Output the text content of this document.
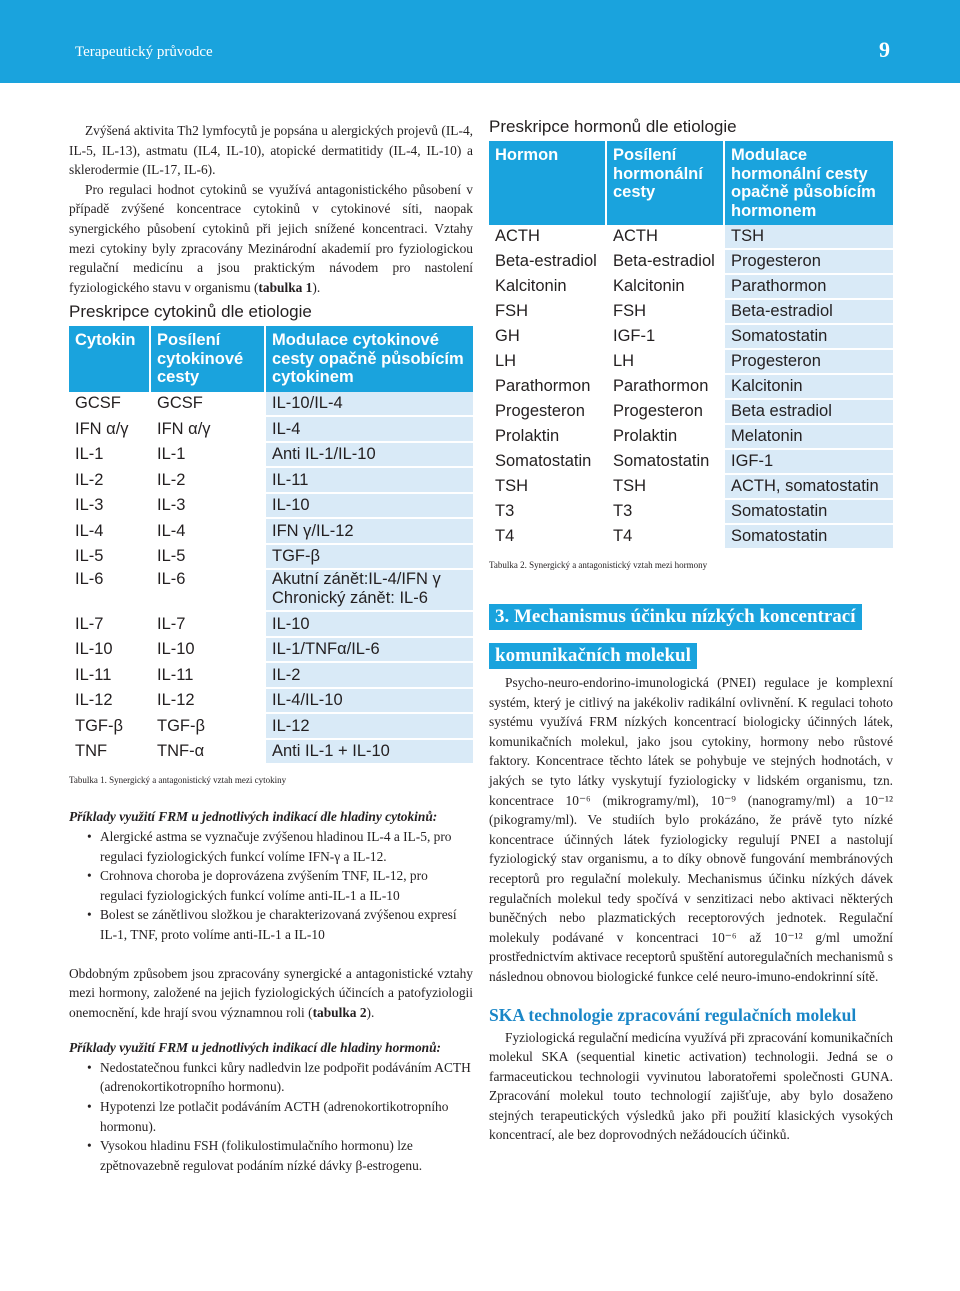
Terapeutický průvodce	9

Zvýšená aktivita Th2 lymfocytů je popsána u alergických projevů (IL-4, IL-5, IL-13), astmatu (IL4, IL-10), atopické dermatitidy (IL-4, IL-10) a sklerodermie (IL-17, IL-6).

Pro regulaci hodnot cytokinů se využívá antagonistického působení v případě zvýšené koncentrace cytokinů v cytokinové síti, naopak synergického působení cytokinů při jejich snížené koncentraci. Vztahy mezi cytokiny byly zpracovány Mezinárodní akademií pro fyziologickou regulační medicínu a jsou praktickým návodem pro nastolení fyziologického stavu v organismu (tabulka 1).

Preskripce cytokinů dle etiologie
Cytokin	Posílení cytokinové cesty	Modulace cytokinové cesty opačně působícím cytokinem
GCSF	GCSF	IL-10/IL-4
IFN α/γ	IFN α/γ	IL-4
IL-1	IL-1	Anti IL-1/IL-10
IL-2	IL-2	IL-11
IL-3	IL-3	IL-10
IL-4	IL-4	IFN γ/IL-12
IL-5	IL-5	TGF-β
IL-6	IL-6	Akutní zánět:IL-4/IFN γ
		Chronický zánět: IL-6
IL-7	IL-7	IL-10
IL-10	IL-10	IL-1/TNFα/IL-6
IL-11	IL-11	IL-2
IL-12	IL-12	IL-4/IL-10
TGF-β	TGF-β	IL-12
TNF	TNF-α	Anti IL-1 + IL-10
Tabulka 1. Synergický a antagonistický vztah mezi cytokiny

Příklady využití FRM u jednotlivých indikací dle hladiny cytokinů:

• Alergické astma se vyznačuje zvýšenou hladinou IL-4 a IL-5, pro regulaci fyziologických funkcí volíme IFN-γ a IL-12.
• Crohnova choroba je doprovázena zvýšením TNF, IL-12, pro regulaci fyziologických funkcí volíme anti-IL-1 a IL-10
• Bolest se zánětlivou složkou je charakterizovaná zvýšenou expresí IL-1, TNF, proto volíme anti-IL-1 a IL-10

Obdobným způsobem jsou zpracovány synergické a antagonistické vztahy mezi hormony, založené na jejich fyziologických účincích a patofyziologii onemocnění, kde hrají svou významnou roli (tabulka 2).

Příklady využití FRM u jednotlivých indikací dle hladiny hormonů:

• Nedostatečnou funkci kůry nadledvin lze podpořit podáváním ACTH (adrenokortikotropního hormonu).
• Hypotenzi lze potlačit podáváním ACTH (adrenokortikotropního hormonu).
• Vysokou hladinu FSH (folikulostimulačního hormonu) lze zpětnovazebně regulovat podáním nízké dávky β-estrogenu.
Preskripce hormonů dle etiologie
Hormon	Posílení hormonální cesty	Modulace hormonální cesty opačně působícím hormonem
ACTH	ACTH	TSH
Beta-estradiol	Beta-estradiol	Progesteron
Kalcitonin	Kalcitonin	Parathormon
FSH	FSH	Beta-estradiol
GH	IGF-1	Somatostatin
LH	LH	Progesteron
Parathormon	Parathormon	Kalcitonin
Progesteron	Progesteron	Beta estradiol
Prolaktin	Prolaktin	Melatonin
Somatostatin	Somatostatin	IGF-1
TSH	TSH	ACTH, somatostatin
T3	T3	Somatostatin
T4	T4	Somatostatin
Tabulka 2. Synergický a antagonistický vztah mezi hormony
3. Mechanismus účinku nízkých koncentrací
komunikačních molekul

Psycho-neuro-endorino-imunologická (PNEI) regulace je komplexní systém, který je citlivý na jakékoliv radikální ovlivnění. K regulaci tohoto systému využívá FRM nízkých koncentrací biologicky účinných látek, komunikačních molekul, jako jsou cytokiny, hormony nebo růstové faktory. Koncentrace těchto látek se pohybuje ve stejných hodnotách, v jakých se tyto látky vyskytují fyziologicky v lidském organismu, tzn. koncentrace 10⁻⁶ (mikrogramy/ml), 10⁻⁹ (nanogramy/ml) a 10⁻¹² (pikogramy/ml). Ve studiích bylo prokázáno, že právě tyto nízké koncentrace účinných látek fyziologicky regulují PNEI a nastolují fyziologický stav organismu, a to díky obnově fungování membránových receptorů pro regulační molekuly. Mechanismus účinku nízkých dávek regulačních molekul tedy spočívá v senzitizaci nebo aktivaci některých buněčných nebo plazmatických receptorových jednotek. Regulační molekuly podávané v koncentraci 10⁻⁶ až 10⁻¹² g/ml umožní prostřednictvím aktivace receptorů spuštění autoregulačních mechanismů s následnou obnovou biologické funkce celé neuro-imuno-endokrinní sítě.

SKA technologie zpracování regulačních molekul

Fyziologická regulační medicína využívá při zpracování komunikačních molekul SKA (sequential kinetic activation) technologii. Jedná se o farmaceutickou technologii vyvinutou laboratořemi společnosti GUNA. Zpracování molekul touto technologií zajišťuje, aby bylo dosaženo stejných terapeutických výsledků jako při použití klasických vysokých koncentrací, ale bez doprovodných nežádoucích účinků.
